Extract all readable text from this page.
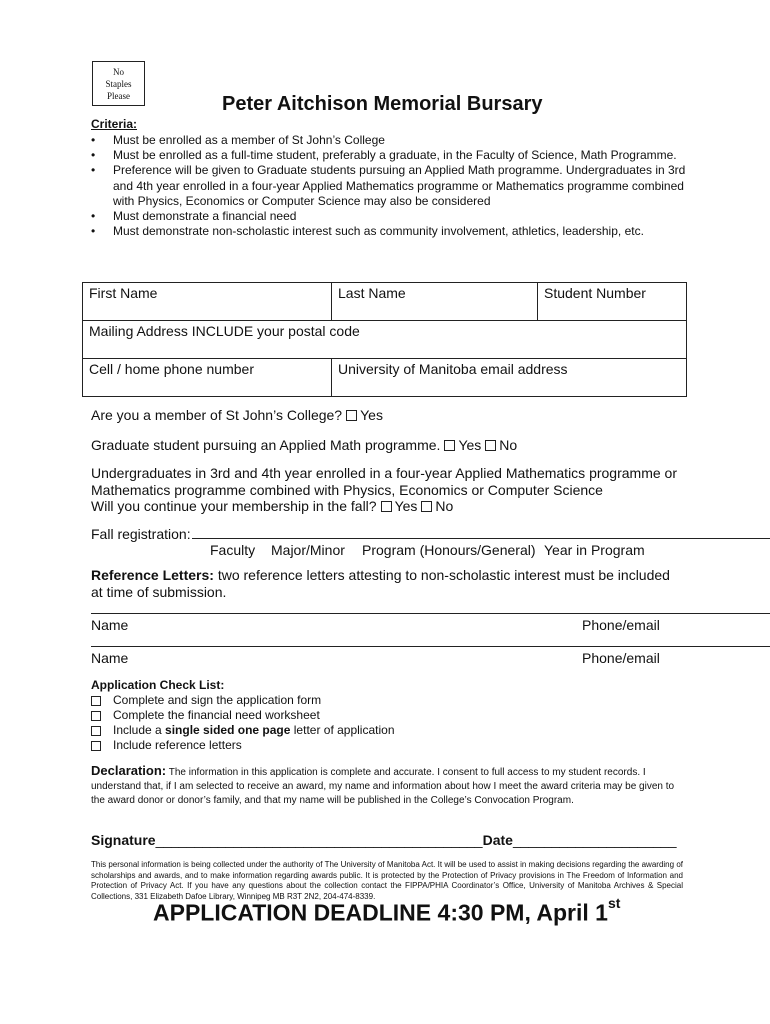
No
Staples
Please	Peter Aitchison Memorial Bursary
Criteria:
• Must be enrolled as a member of St John’s College
• Must be enrolled as a full-time student, preferably a graduate, in the Faculty of Science, Math Programme.
• Preference will be given to Graduate students pursuing an Applied Math programme. Undergraduates in 3rd and 4th year enrolled in a four-year Applied Mathematics programme or Mathematics programme combined with Physics, Economics or Computer Science may also be considered
• Must demonstrate a financial need
• Must demonstrate non-scholastic interest such as community involvement, athletics, leadership, etc.
First Name	Last Name	Student Number
Mailing Address INCLUDE your postal code		
Cell / home phone number	University of Manitoba email address	
Are you a member of St John’s College? Yes
Graduate student pursuing an Applied Math programme. Yes No
Undergraduates in 3rd and 4th year enrolled in a four-year Applied Mathematics programme or
Mathematics programme combined with Physics, Economics or Computer Science
Will you continue your membership in the fall? Yes No
Fall registration:
Faculty Major/Minor Program (Honours/General) Year in Program
Reference Letters: two reference letters attesting to non-scholastic interest must be included
at time of submission.
Name	Phone/email
Name	Phone/email
Application Check List:
Complete and sign the application form
Complete the financial need worksheet
Include a single sided one page letter of application
Include reference letters
Declaration: The information in this application is complete and accurate. I consent to full access to my student records. I understand that, if I am selected to receive an award, my name and information about how I meet the award criteria may be given to the award donor or donor’s family, and that my name will be published in the College’s Convocation Program.
Signature__________________________________________Date_____________________
This personal information is being collected under the authority of The University of Manitoba Act. It will be used to assist in making decisions regarding the awarding of scholarships and awards, and to make information regarding awards public. It is protected by the Protection of Privacy provisions in The Freedom of Information and Protection of Privacy Act. If you have any questions about the collection contact the FIPPA/PHIA Coordinator’s Office, University of Manitoba Archives & Special Collections, 331 Elizabeth Dafoe Library, Winnipeg MB R3T 2N2, 204-474-8339.
APPLICATION DEADLINE 4:30 PM, April 1st
